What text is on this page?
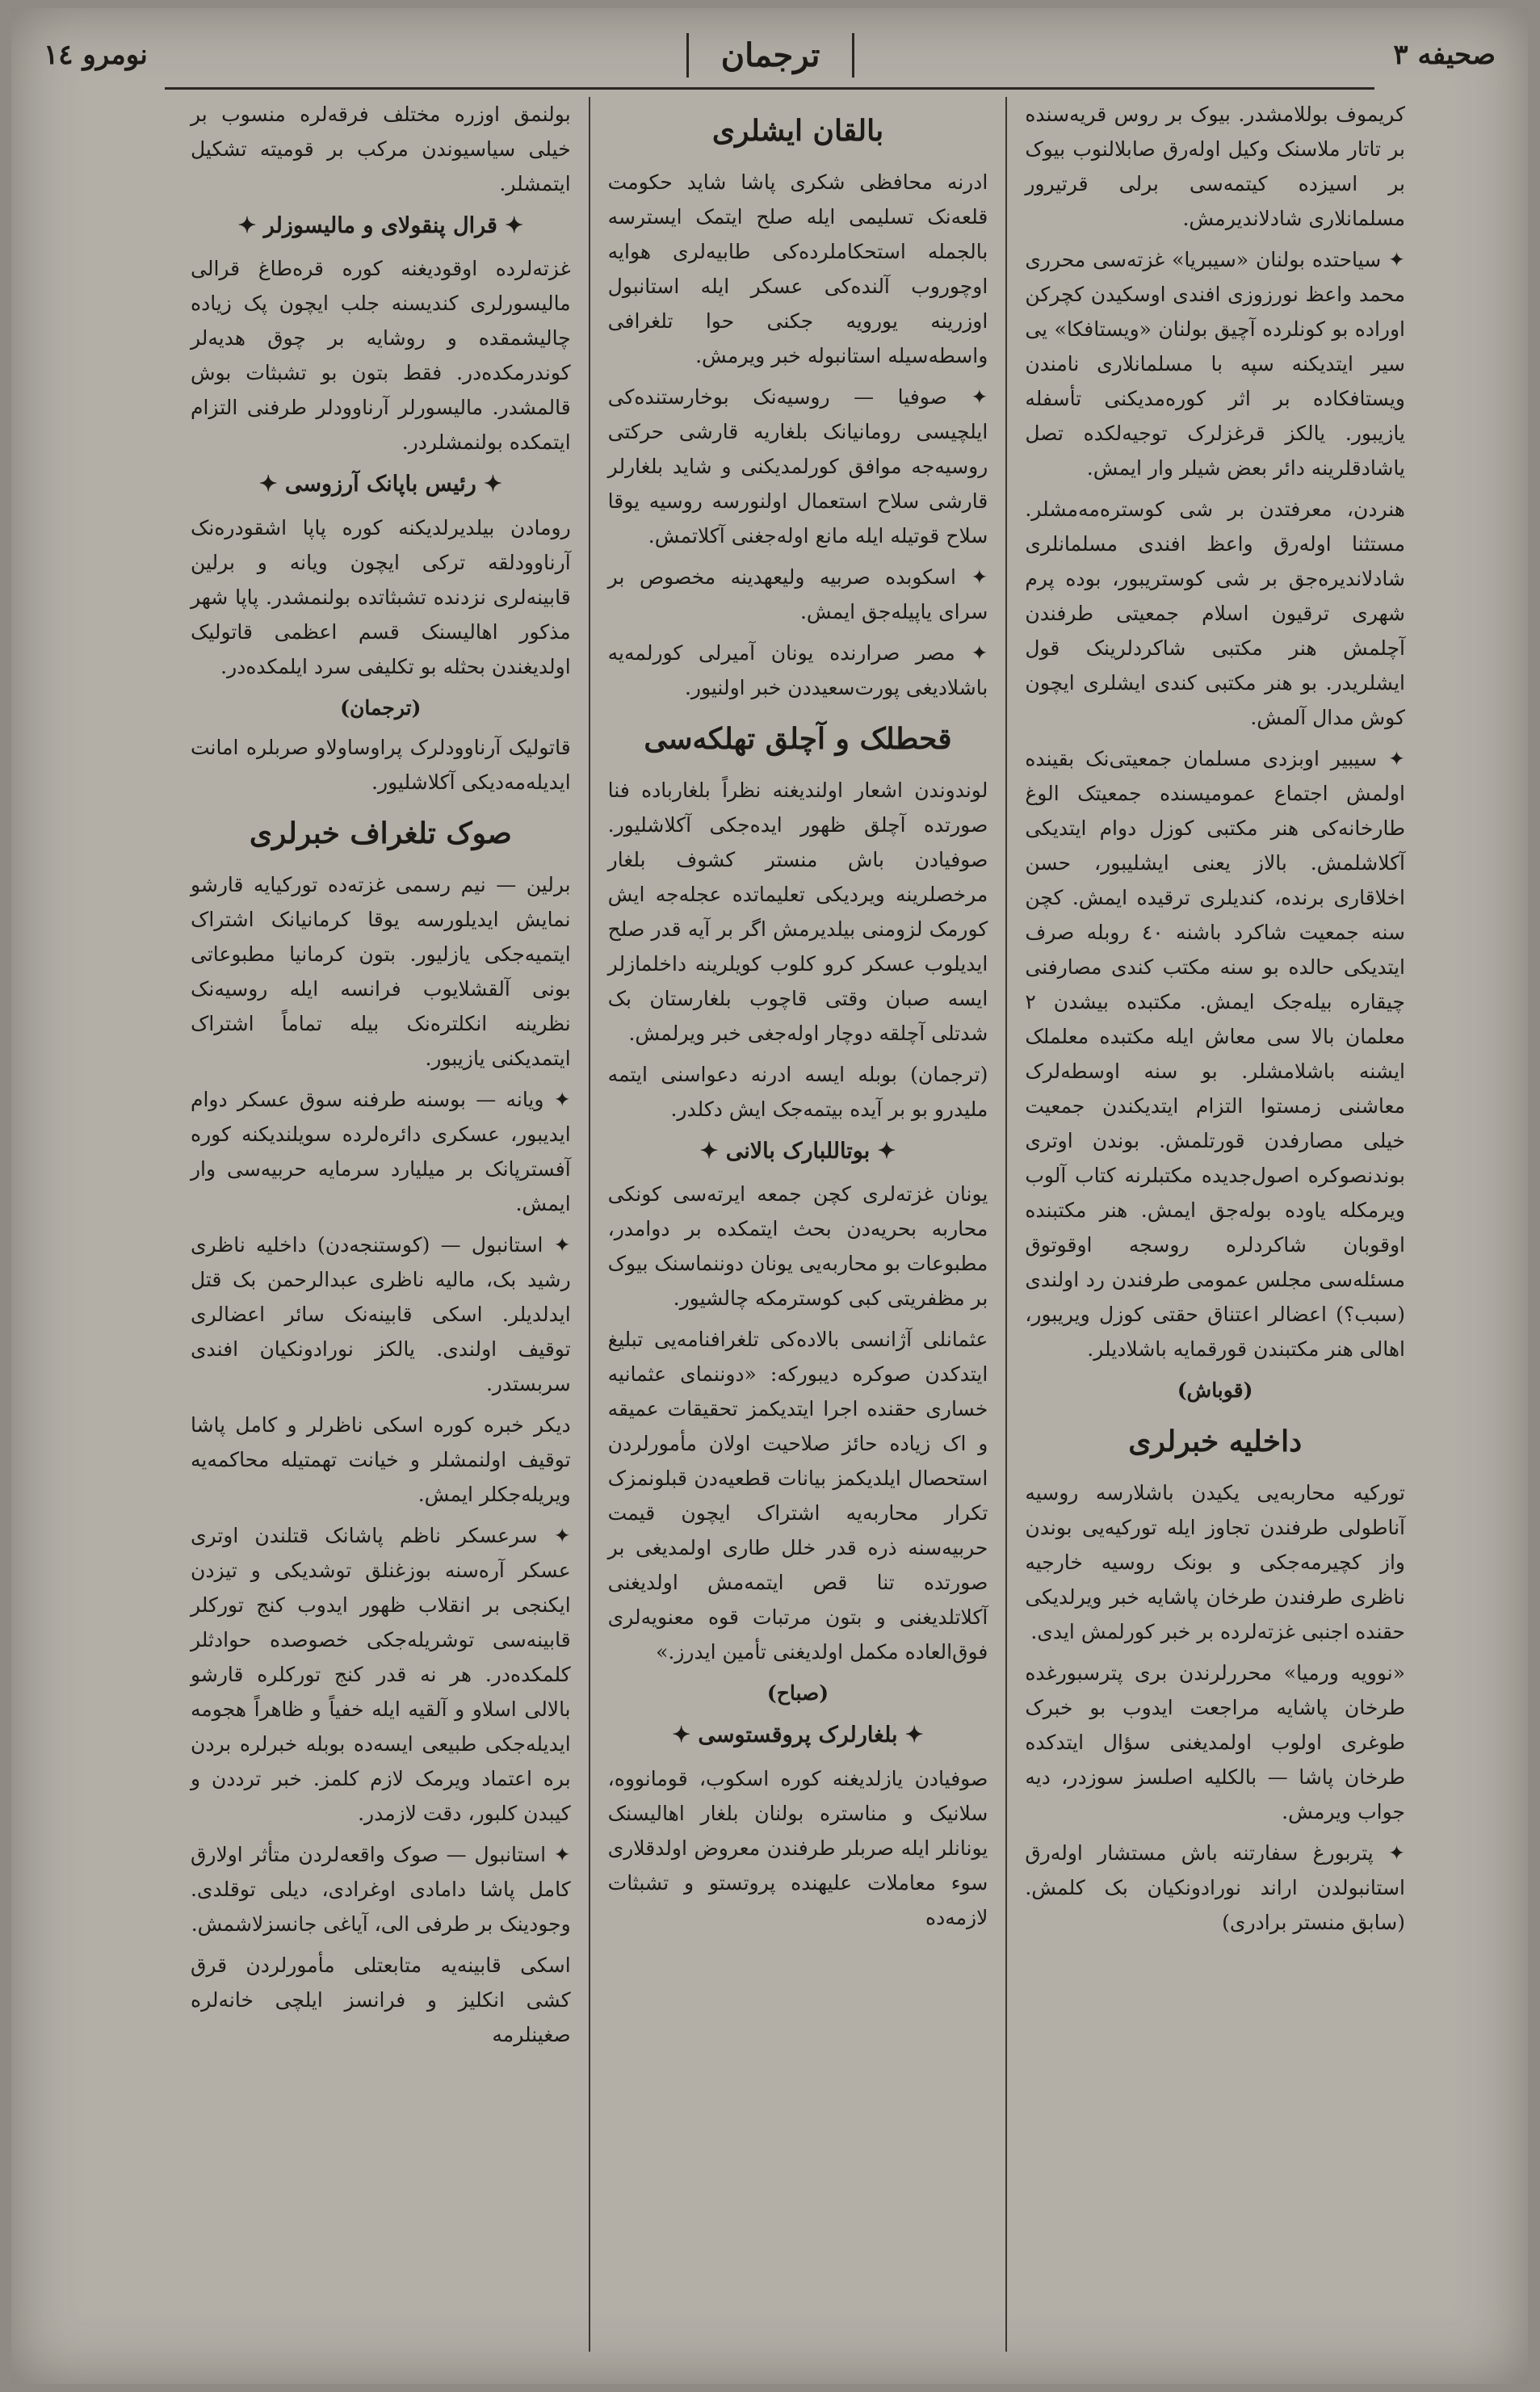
صحیفه ٣
ترجمان
نومرو ١٤

کریموف بوللامشدر. بیوک بر روس قریه‌سنده بر تاتار ملاسنک وکیل اولەرق صابلالنوب بیوک بر اسیزده کیتمه‌سی برلی قرتیرور مسلمانلاری شادلاندیرمش.

✦ سیاحتده بولنان «سیبریا» غزته‌سی محرری محمد واعظ نورزوزی افندی اوسکیدن کچرکن اوراده بو کونلرده آچیق بولنان «ویستافکا» یی سیر ایتدیکنه سپه با مسلمانلاری نامندن ویستافکاده بر اثر کوره‌مدیکنی تأسفله یازیبور. یالکز قرغزلرک توجیه‌لکده تصل یاشادقلرینه دائر بعض شیلر وار ایمش.

هنردن، معرفتدن بر شی کوستره‌مه‌مشلر. مستثنا اوله‌رق واعظ افندی مسلمانلری شادلاندیره‌جق بر شی کوستریبور، بوده پرم شهری ترقیون اسلام جمعیتی طرفندن آچلمش هنر مکتبی شاکردلرینک قول ایشلریدر. بو هنر مکتبی کندی ایشلری ایچون کوش مدال آلمش.

✦ سیبیر اوبزدی مسلمان جمعیتی‌نک بقینده اولمش اجتماع عمومیسنده جمعیتک الوغ طارخانه‌کی هنر مکتبی کوزل دوام ایتدیکی آکلاشلمش. بالاز یعنی ایشلیبور، حسن اخلاقاری برنده، کندیلری ترقیده ایمش. کچن سنه جمعیت شاکرد باشنه ٤٠ روبله صرف ایتدیکی حالده بو سنه مکتب کندی مصارفنی چیقاره بیله‌جک ایمش. مکتبده بیشدن ٢ معلمان بالا سی معاش ایله مکتبده معلملک ایشنه باشلامشلر. بو سنه اوسطه‌لرک معاشنی زمستوا التزام ایتدیکندن جمعیت خیلی مصارفدن قورتلمش. بوندن اوتری بوندنصوکره اصول‌جدیده مکتبلرنه کتاب آلوب ویرمکله یاوده بوله‌جق ایمش. هنر مکتبنده اوقوبان شاکردلره روسجه اوقوتوق مسئله‌سی مجلس عمومی طرفندن رد اولندی (سبب؟) اعضالر اعتناق حقتی کوزل ویریبور، اهالی هنر مکتبندن قورقمایه باشلادیلر.

(قوباش)
داخلیه خبرلری

تورکیه محاربه‌یی یکیدن باشلارسه روسیه آناطولی طرفندن تجاوز ایله تورکیه‌یی بوندن واز کچیرمه‌جکی و بونک روسیه خارجیه ناظری طرفندن طرخان پاشایه خبر ویرلدیکی حقنده اجنبی غزته‌لرده بر خبر کورلمش ایدی.

«نوویه ورمیا» محررلرندن بری پترسبورغده طرخان پاشایه مراجعت ایدوب بو خبرک طوغری اولوب اولمدیغنی سؤال ایتدکده طرخان پاشا — بالکلیه اصلسز سوزدر، دیه جواب ویرمش.

✦ پتربورغ سفارتنه باش مستشار اوله‌رق استانبولدن اراند نورادونکیان بک کلمش. (سابق منستر برادری)

بالقان ایشلری

ادرنه محافظی شکری پاشا شاید حکومت قلعه‌نک تسلیمی ایله صلح ایتمک ایسترسه بالجمله استحکاملرده‌کی طابیه‌لری هوایه اوچوروب آلنده‌کی عسکر ایله استانبول اوزرینه یورویه جکنی حوا تلغرافی واسطه‌سیله استانبوله خبر ویرمش.

✦ صوفیا — روسیه‌نک بوخارستنده‌کی ایلچیسی رومانیانک بلغاریه قارشی حرکتی روسیه‌جه موافق کورلمدیکنی و شاید بلغارلر قارشی سلاح استعمال اولنورسه روسیه یوقا سلاح قوتیله ایله مانع اوله‌جغنی آکلاتمش.

✦ اسکوبده صربیه ولیعهدینه مخصوص بر سرای یاپیله‌جق ایمش.

✦ مصر صرارنده یونان آمیرلی کورلمه‌یه باشلادیغی پورت‌سعیددن خبر اولنیور.

قحطلک و آچلق تهلکه‌سی

لوندوندن اشعار اولندیغنه نظراً بلغاربادە فنا صورتده آچلق ظهور ایده‌جکی آکلاشلیور. صوفیادن باش منستر کشوف بلغار مرخصلرینه ویردیکی تعلیماتده عجله‌جه ایش کورمک لزومنی بیلدیرمش اگر بر آیه قدر صلح ایدیلوب عسکر کرو کلوب کویلرینه داخلمازلر ایسه صبان وقتی قاچوب بلغارستان بک شدتلی آچلقه دوچار اوله‌جغی خبر ویرلمش.

(ترجمان) بوبله ایسه ادرنه دعواسنی ایتمه ملیدرو بو بر آیده بیتمه‌جک ایش دکلدر.

✦ بوتاللبارک بالانی ✦

یونان غزته‌لری کچن جمعه ایرته‌سی کونکی محاربه بحریه‌دن بحث ایتمکده بر دوامدر، مطبوعات بو محاربه‌یی یونان دوننماسنک بیوک بر مظفریتی کبی کوسترمکه چالشیور.

عثمانلی آژانسی بالاده‌کی تلغرافنامه‌یی تبلیغ ایتدکدن صوکره دیبورکه: «دوننمای عثمانیه خساری حقنده اجرا ایتدیکمز تحقیقات عمیقه و اک زیاده حائز صلاحیت اولان مأمورلردن استحصال ایلدیکمز بیانات قطعیه‌دن قبلونمزک تکرار محاربه‌یه اشتراک ایچون قیمت حربیه‌سنه ذره قدر خلل طاری اولمدیغی بر صورتده تنا قص ایتمه‌مش اولدیغنی آکلاتلدیغنی و بتون مرتبات قوه معنویه‌لری فوق‌العاده مکمل اولدیغنی تأمین ایدرز.»

(صباح)
✦ بلغارلرک پروقستوسی ✦

صوفیادن یازلدیغنه کوره اسکوب، قومانووه، سلانیک و مناستره بولنان بلغار اهالیسنک یونانلر ایله صربلر طرفندن معروض اولدقلاری سوء معاملات علیهنده پروتستو و تشبثات لازمه‌ده

بولنمق اوزره مختلف فرقه‌لره منسوب بر خیلی سیاسیوندن مرکب بر قومیته تشکیل ایتمشلر.

✦ قرال پنقولای و مالیسوزلر ✦

غزته‌لرده اوقودیغنه کوره قره‌طاغ قرالی مالیسورلری کندیسنه جلب ایچون پک زیاده چالیشمقده و روشایه بر چوق هدیەلر کوندرمکده‌در. فقط بتون بو تشبثات بوش قالمشدر. مالیسورلر آرناوودلر طرفنی التزام ایتمکده بولنمشلردر.

✦ رئیس باپانک آرزوسی ✦

رومادن بیلدیرلدیکنه کوره پاپا اشقودره‌نک آرناوودلقه ترکی ایچون ویانه و برلین قابینه‌لری نزدنده تشبثاتده بولنمشدر. پاپا شهر مذکور اهالیسنک قسم اعظمی قاتولیک اولدیغندن بحثله بو تکلیفی سرد ایلمکده‌در.

(ترجمان)

قاتولیک آرناوودلرک پراوساولاو صربلره امانت ایدیله‌مه‌دیکی آکلاشلیور.

صوک تلغراف خبرلری

برلین — نیم رسمی غزته‌ده تورکیایه قارشو نمایش ایدیلورسه یوقا کرمانیانک اشتراک ایتمیه‌جکی یازلیور. بتون کرمانیا مطبوعاتی بونی آلقشلایوب فرانسه ایله روسیه‌نک نظرینه انکلتره‌نک بیله تماماً اشتراک ایتمدیکنی یازیبور.

✦ ویانه — بوسنه طرفنه سوق عسکر دوام ایدیبور، عسکری دائره‌لرده سویلندیکنه کوره آفسترپانک بر میلیارد سرمایه حربیه‌سی وار ایمش.

✦ استانبول — (کوستنجه‌دن) داخلیه ناظری رشید بک، مالیه ناظری عبدالرحمن بک قتل ایدلدیلر. اسکی قابینه‌نک سائر اعضالری توقیف اولندی. یالکز نورادونکیان افندی سربستدر.

دیکر خبره کوره اسکی ناظرلر و کامل پاشا توقیف اولنمشلر و خیانت تهمتیله محاکمه‌یه ویریله‌جکلر ایمش.

✦ سرعسکر ناظم پاشانک قتلندن اوتری عسکر آره‌سنه بوزغنلق توشدیکی و تیزدن ایکنجی بر انقلاب ظهور ایدوب کنج تورکلر قابینه‌سی توشریله‌جکی خصوصده حوادثلر کلمکده‌در. هر نه قدر کنج تورکلره قارشو بالالی اسلاو و آلقیه ایله خفیاً و ظاهراً هجومه ایدیله‌جکی طبیعی ایسه‌ده بوبله خبرلره بردن بره اعتماد ویرمک لازم کلمز. خبر ترددن و کیبدن کلبور، دقت لازمدر.

✦ استانبول — صوک واقعه‌لردن متأثر اولارق کامل پاشا دامادی اوغرادی، دیلی توقلدی. وجودینک بر طرفی الی، آیاغی جانسزلاشمش.

اسکی قابینه‌یه متابعتلی مأمورلردن قرق کشی انکلیز و فرانسز ایلچی خانه‌لره صغینلرمه
